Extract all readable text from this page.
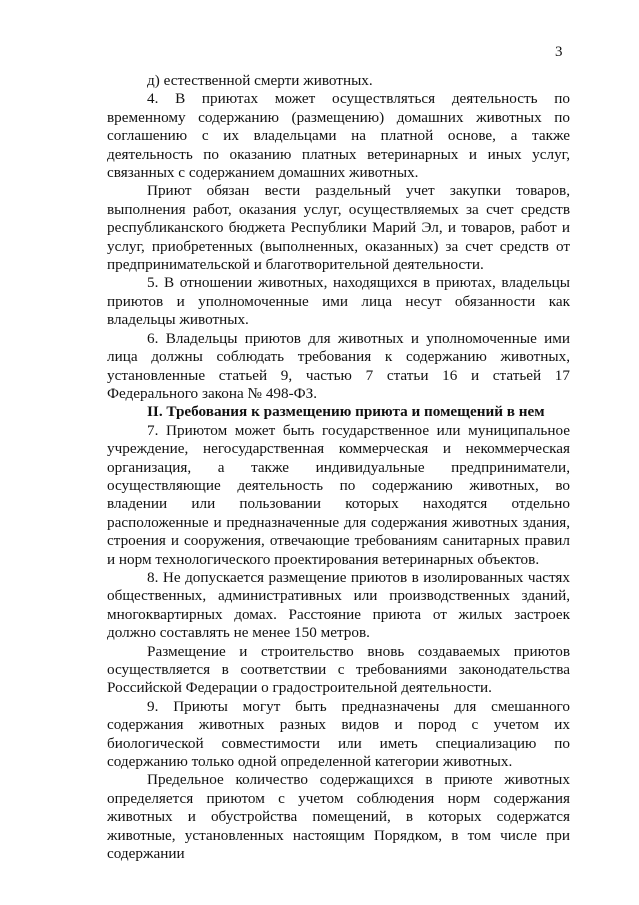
3

д) естественной смерти животных.

4. В приютах может осуществляться деятельность по временному содержанию (размещению) домашних животных по соглашению с их владельцами на платной основе, а также деятельность по оказанию платных ветеринарных и иных услуг, связанных с содержанием домашних животных.

Приют обязан вести раздельный учет закупки товаров, выполнения работ, оказания услуг, осуществляемых за счет средств республиканского бюджета Республики Марий Эл, и товаров, работ и услуг, приобретенных (выполненных, оказанных) за счет средств от предпринимательской и благотворительной деятельности.

5. В отношении животных, находящихся в приютах, владельцы приютов и уполномоченные ими лица несут обязанности как владельцы животных.

6. Владельцы приютов для животных и уполномоченные ими лица должны соблюдать требования к содержанию животных, установленные статьей 9, частью 7 статьи 16 и статьей 17 Федерального закона № 498-ФЗ.

II. Требования к размещению приюта и помещений в нем

7. Приютом может быть государственное или муниципальное учреждение, негосударственная коммерческая и некоммерческая организация, а также индивидуальные предприниматели, осуществляющие деятельность по содержанию животных, во владении или пользовании которых находятся отдельно расположенные и предназначенные для содержания животных здания, строения и сооружения, отвечающие требованиям санитарных правил и норм технологического проектирования ветеринарных объектов.

8. Не допускается размещение приютов в изолированных частях общественных, административных или производственных зданий, многоквартирных домах. Расстояние приюта от жилых застроек должно составлять не менее 150 метров.

Размещение и строительство вновь создаваемых приютов осуществляется в соответствии с требованиями законодательства Российской Федерации о градостроительной деятельности.

9. Приюты могут быть предназначены для смешанного содержания животных разных видов и пород с учетом их биологической совместимости или иметь специализацию по содержанию только одной определенной категории животных.

Предельное количество содержащихся в приюте животных определяется приютом с учетом соблюдения норм содержания животных и обустройства помещений, в которых содержатся животные, установленных настоящим Порядком, в том числе при содержании
